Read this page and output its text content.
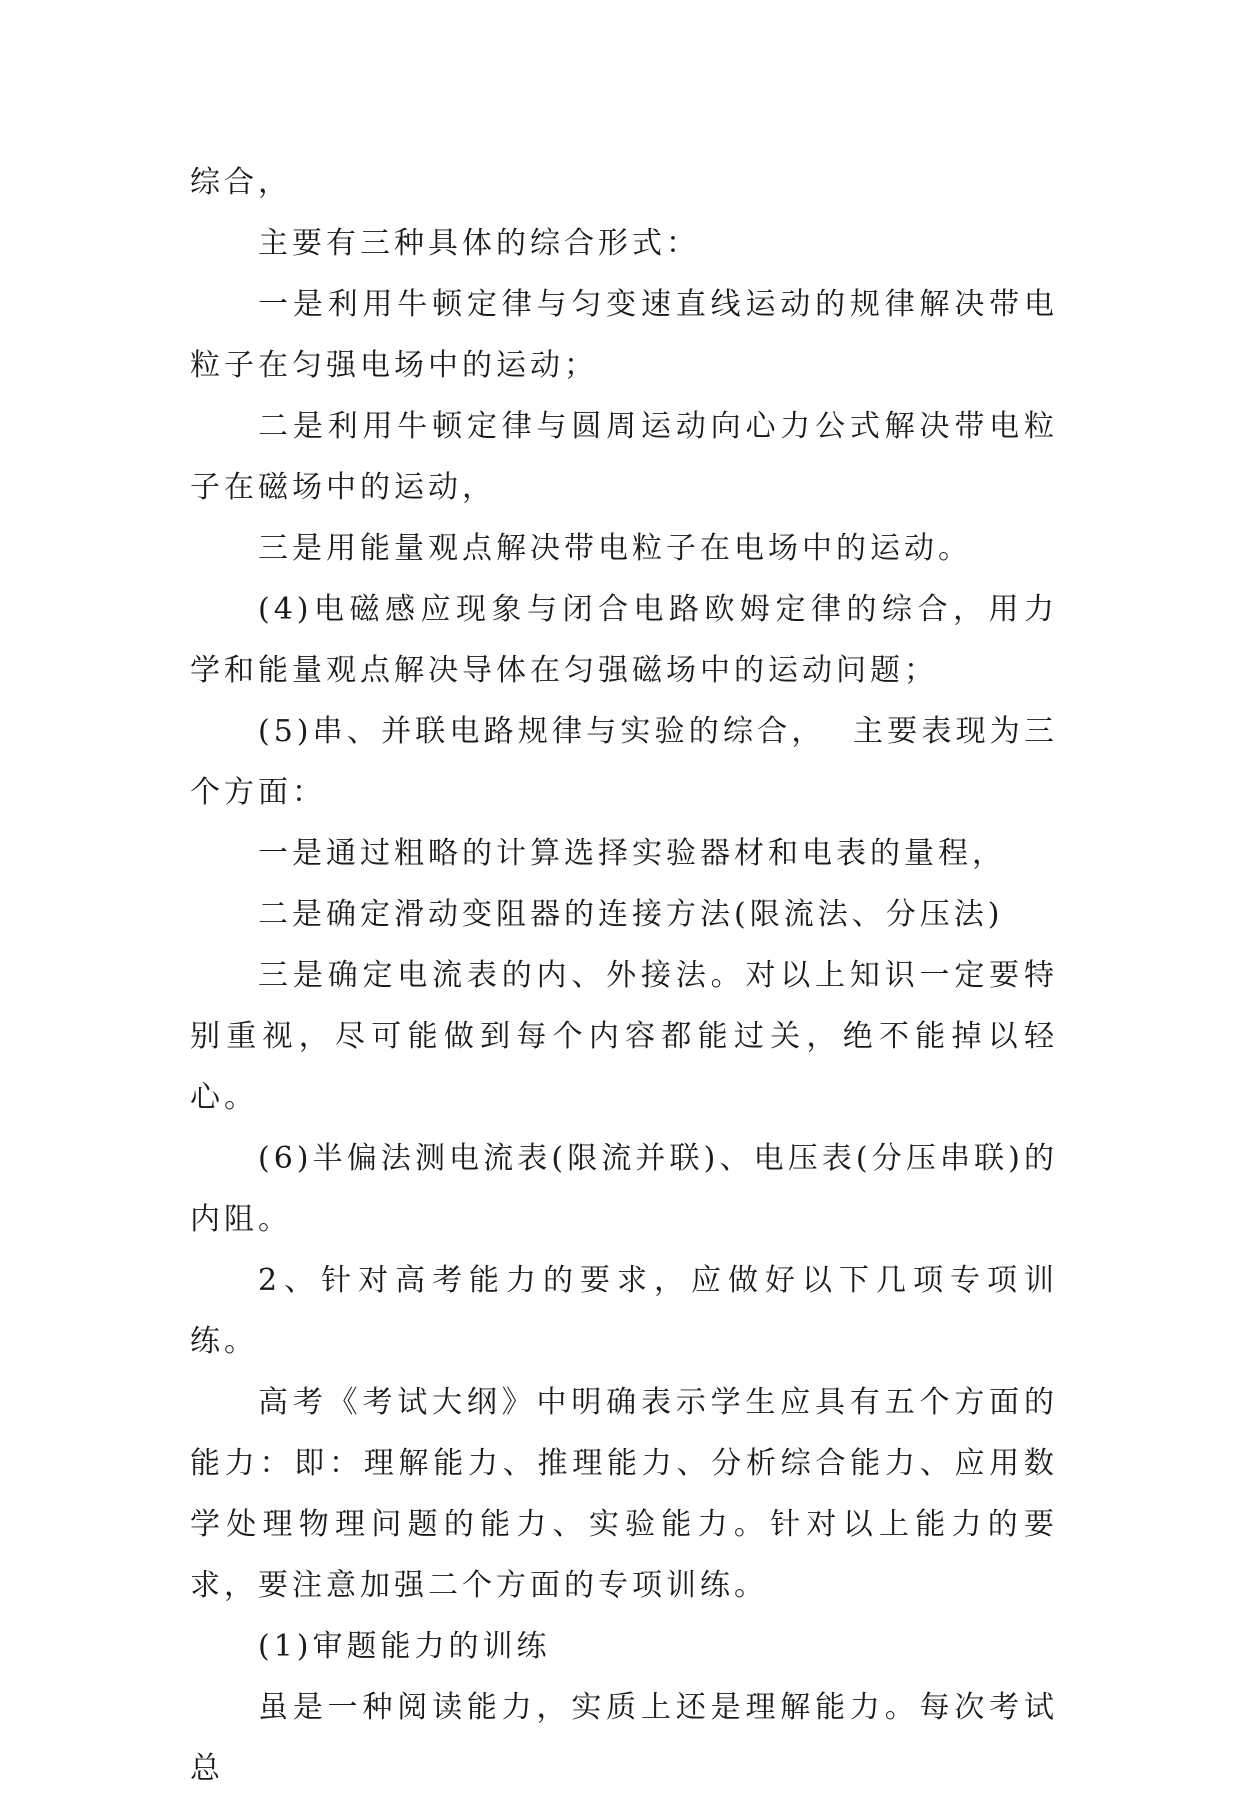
综合，

主要有三种具体的综合形式：

一是利用牛顿定律与匀变速直线运动的规律解决带电粒子在匀强电场中的运动；

二是利用牛顿定律与圆周运动向心力公式解决带电粒子在磁场中的运动，

三是用能量观点解决带电粒子在电场中的运动。

(4)电磁感应现象与闭合电路欧姆定律的综合，用力学和能量观点解决导体在匀强磁场中的运动问题；

(5)串、并联电路规律与实验的综合，  主要表现为三个方面：

一是通过粗略的计算选择实验器材和电表的量程，

二是确定滑动变阻器的连接方法(限流法、分压法)

三是确定电流表的内、外接法。对以上知识一定要特别重视，尽可能做到每个内容都能过关，绝不能掉以轻心。

(6)半偏法测电流表(限流并联)、电压表(分压串联)的内阻。

2、针对高考能力的要求，应做好以下几项专项训练。

高考《考试大纲》中明确表示学生应具有五个方面的能力：即：理解能力、推理能力、分析综合能力、应用数学处理物理问题的能力、实验能力。针对以上能力的要求，要注意加强二个方面的专项训练。

(1)审题能力的训练

虽是一种阅读能力，实质上还是理解能力。每次考试总
